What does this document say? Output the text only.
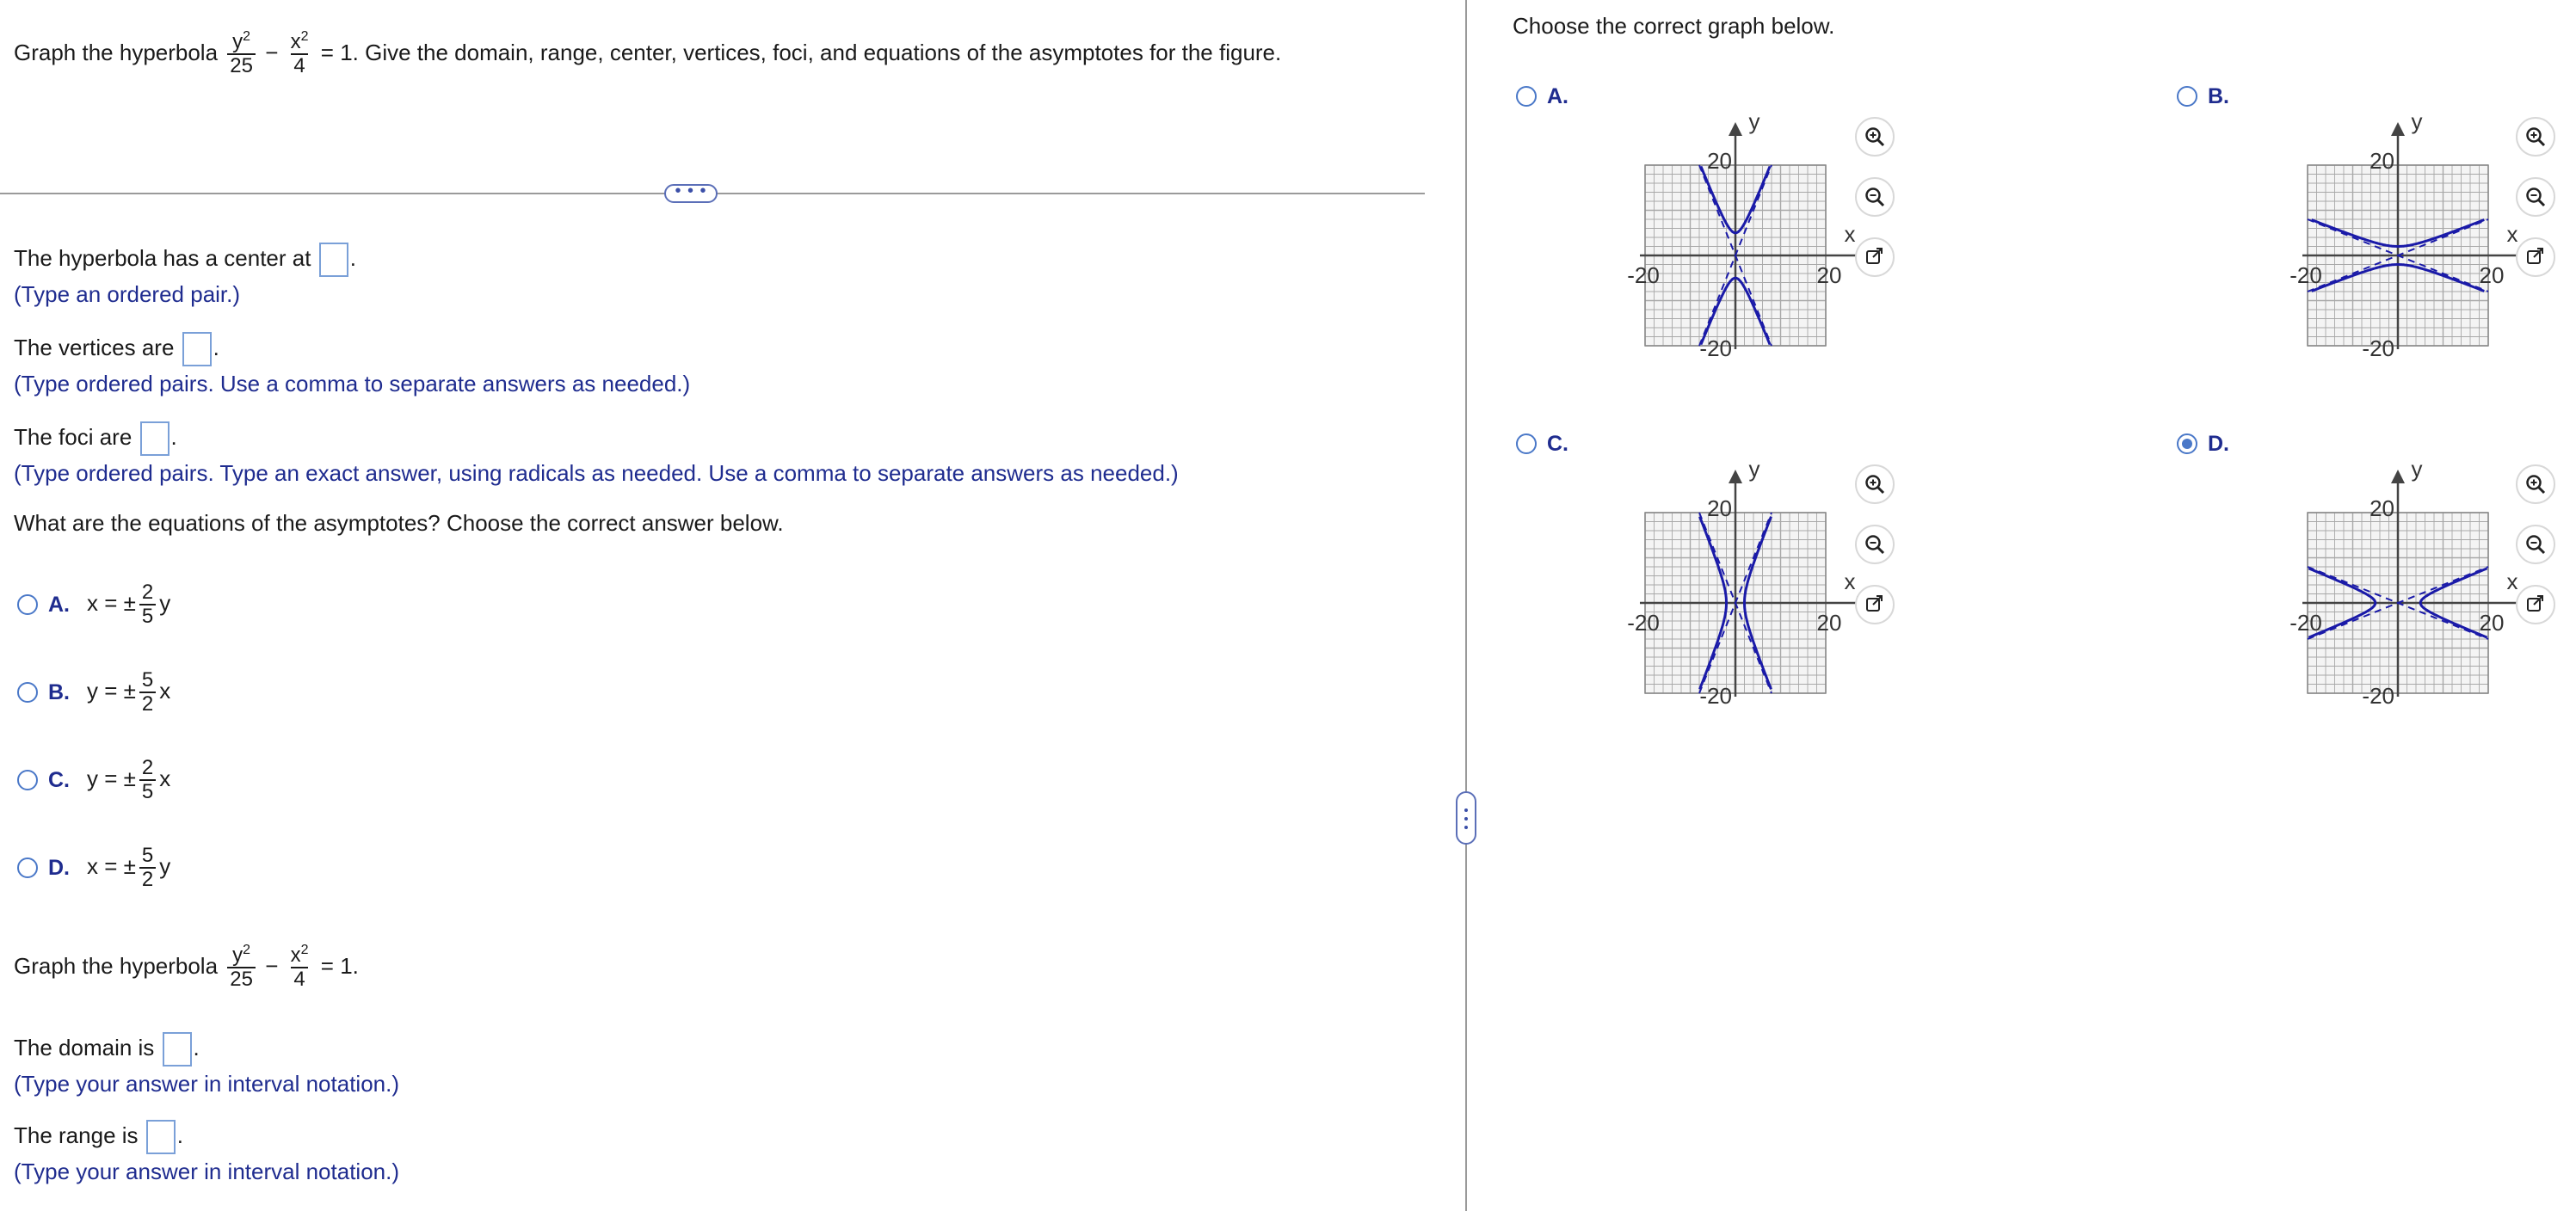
Graph the hyperbola $\frac{y^2}{25} - \frac{x^2}{4} = 1$. Give the domain, range, center, vertices, foci, and equations of the asymptotes for the figure.
• • •
The hyperbola has a center at .
(Type an ordered pair.)
The vertices are .
(Type ordered pairs. Use a comma to separate answers as needed.)
The foci are .
(Type ordered pairs. Type an exact answer, using radicals as needed. Use a comma to separate answers as needed.)
What are the equations of the asymptotes? Choose the correct answer below.
A. x = ± $\frac{2}{5}$ y
B. y = ± $\frac{5}{2}$ x
C. y = ± $\frac{2}{5}$ x
D. x = ± $\frac{5}{2}$ y
Graph the hyperbola $\frac{y^2}{25} - \frac{x^2}{4} = 1$.
The domain is .
(Type your answer in interval notation.)
The range is .
(Type your answer in interval notation.)
Choose the correct graph below.
A.	B.
C.	D.
y
x
20
-20
-20	20
y
x
20
-20
-20	20
y
x
20
-20
-20	20
y
x
20
-20
-20	20
